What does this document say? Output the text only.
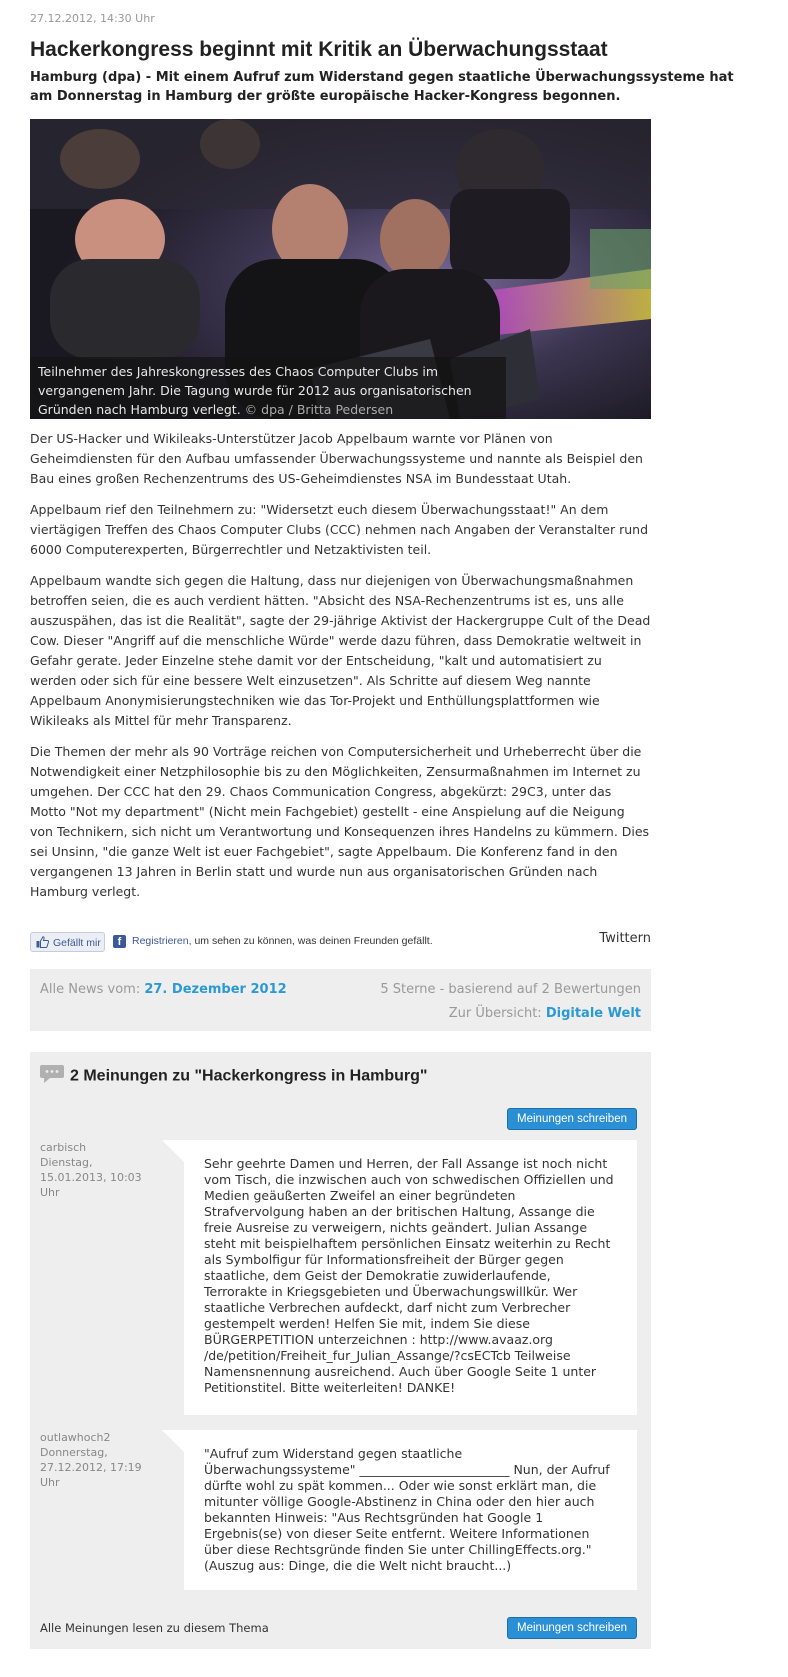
27.12.2012, 14:30 Uhr
Hackerkongress beginnt mit Kritik an Überwachungsstaat
Hamburg (dpa) - Mit einem Aufruf zum Widerstand gegen staatliche Überwachungssysteme hat am Donnerstag in Hamburg der größte europäische Hacker-Kongress begonnen.
Teilnehmer des Jahreskongresses des Chaos Computer Clubs im vergangenem Jahr. Die Tagung wurde für 2012 aus organisatorischen Gründen nach Hamburg verlegt. © dpa / Britta Pedersen

Der US-Hacker und Wikileaks-Unterstützer Jacob Appelbaum warnte vor Plänen von Geheimdiensten für den Aufbau umfassender Überwachungssysteme und nannte als Beispiel den Bau eines großen Rechenzentrums des US-Geheimdienstes NSA im Bundesstaat Utah.

Appelbaum rief den Teilnehmern zu: "Widersetzt euch diesem Überwachungsstaat!" An dem viertägigen Treffen des Chaos Computer Clubs (CCC) nehmen nach Angaben der Veranstalter rund 6000 Computerexperten, Bürgerrechtler und Netzaktivisten teil.

Appelbaum wandte sich gegen die Haltung, dass nur diejenigen von Überwachungsmaßnahmen betroffen seien, die es auch verdient hätten. "Absicht des NSA-Rechenzentrums ist es, uns alle auszuspähen, das ist die Realität", sagte der 29-jährige Aktivist der Hackergruppe Cult of the Dead Cow. Dieser "Angriff auf die menschliche Würde" werde dazu führen, dass Demokratie weltweit in Gefahr gerate. Jeder Einzelne stehe damit vor der Entscheidung, "kalt und automatisiert zu werden oder sich für eine bessere Welt einzusetzen". Als Schritte auf diesem Weg nannte Appelbaum Anonymisierungstechniken wie das Tor-Projekt und Enthüllungsplattformen wie Wikileaks als Mittel für mehr Transparenz.

Die Themen der mehr als 90 Vorträge reichen von Computersicherheit und Urheberrecht über die Notwendigkeit einer Netzphilosophie bis zu den Möglichkeiten, Zensurmaßnahmen im Internet zu umgehen. Der CCC hat den 29. Chaos Communication Congress, abgekürzt: 29C3, unter das Motto "Not my department" (Nicht mein Fachgebiet) gestellt - eine Anspielung auf die Neigung von Technikern, sich nicht um Verantwortung und Konsequenzen ihres Handelns zu kümmern. Dies sei Unsinn, "die ganze Welt ist euer Fachgebiet", sagte Appelbaum. Die Konferenz fand in den vergangenen 13 Jahren in Berlin statt und wurde nun aus organisatorischen Gründen nach Hamburg verlegt.

Gefällt mir	f	Registrieren, um sehen zu können, was deinen Freunden gefällt.	Twittern
Alle News vom: 27. Dezember 2012	5 Sterne - basierend auf 2 Bewertungen
Zur Übersicht: Digitale Welt
2 Meinungen zu "Hackerkongress in Hamburg"
Meinungen schreiben
carbisch
Dienstag,
15.01.2013, 10:03
Uhr
Sehr geehrte Damen und Herren, der Fall Assange ist noch nicht vom Tisch, die inzwischen auch von schwedischen Offiziellen und Medien geäußerten Zweifel an einer begründeten Strafvervolgung haben an der britischen Haltung, Assange die freie Ausreise zu verweigern, nichts geändert. Julian Assange steht mit beispielhaftem persönlichen Einsatz weiterhin zu Recht als Symbolfigur für Informationsfreiheit der Bürger gegen staatliche, dem Geist der Demokratie zuwiderlaufende, Terrorakte in Kriegsgebieten und Überwachungswillkür. Wer staatliche Verbrechen aufdeckt, darf nicht zum Verbrecher gestempelt werden! Helfen Sie mit, indem Sie diese BÜRGERPETITION unterzeichnen : http://www.avaaz.org /de/petition/Freiheit_fur_Julian_Assange/?csECTcb Teilweise Namensnennung ausreichend. Auch über Google Seite 1 unter Petitionstitel. Bitte weiterleiten! DANKE!
outlawhoch2
Donnerstag,
27.12.2012, 17:19
Uhr
"Aufruf zum Widerstand gegen staatliche Überwachungssysteme" ________________________ Nun, der Aufruf dürfte wohl zu spät kommen... Oder wie sonst erklärt man, die mitunter völlige Google-Abstinenz in China oder den hier auch bekannten Hinweis: "Aus Rechtsgründen hat Google 1 Ergebnis(se) von dieser Seite entfernt. Weitere Informationen über diese Rechtsgründe finden Sie unter ChillingEffects.org." (Auszug aus: Dinge, die die Welt nicht braucht...)
Alle Meinungen lesen zu diesem Thema	Meinungen schreiben
